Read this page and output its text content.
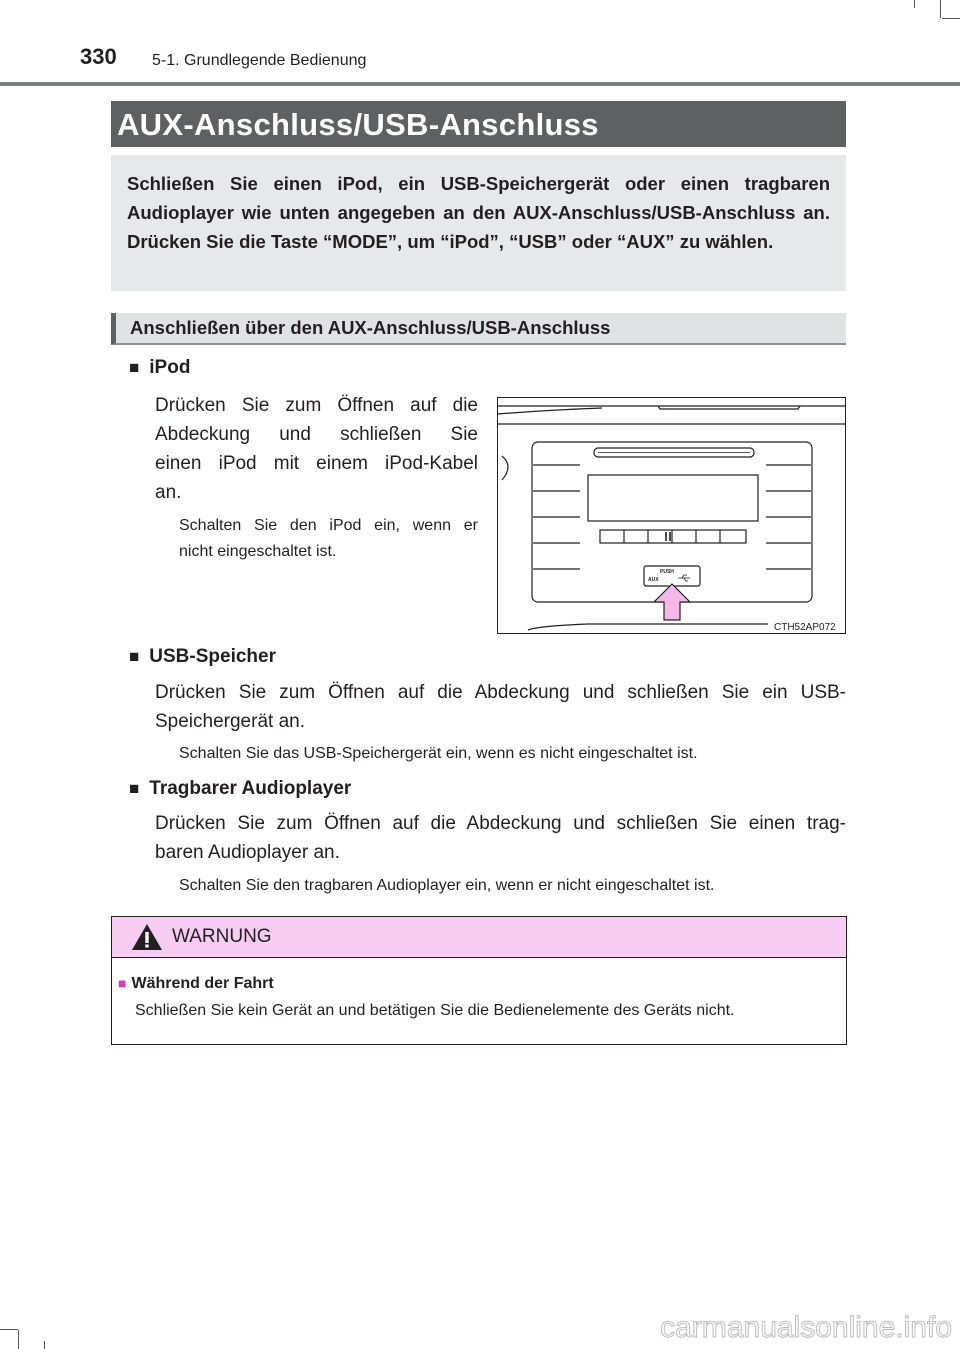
330 5-1. Grundlegende Bedienung
AUX-Anschluss/USB-Anschluss
Schließen Sie einen iPod, ein USB-Speichergerät oder einen tragbaren Audioplayer wie unten angegeben an den AUX-Anschluss/USB-Anschluss an. Drücken Sie die Taste “MODE”, um “iPod”, “USB” oder “AUX” zu wählen.
Anschließen über den AUX-Anschluss/USB-Anschluss
■ iPod
Drücken Sie zum Öffnen auf die
Abdeckung und schließen Sie
einen iPod mit einem iPod-Kabel
an.
Schalten Sie den iPod ein, wenn er
nicht eingeschaltet ist.
PUSH
AUX
CTH52AP072
■ USB-Speicher
Drücken Sie zum Öffnen auf die Abdeckung und schließen Sie ein USB-
Speichergerät an.
Schalten Sie das USB-Speichergerät ein, wenn es nicht eingeschaltet ist.
■ Tragbarer Audioplayer
Drücken Sie zum Öffnen auf die Abdeckung und schließen Sie einen trag-
baren Audioplayer an.
Schalten Sie den tragbaren Audioplayer ein, wenn er nicht eingeschaltet ist.
WARNUNG
■ Während der Fahrt
Schließen Sie kein Gerät an und betätigen Sie die Bedienelemente des Geräts nicht.
carmanualsonline.info
